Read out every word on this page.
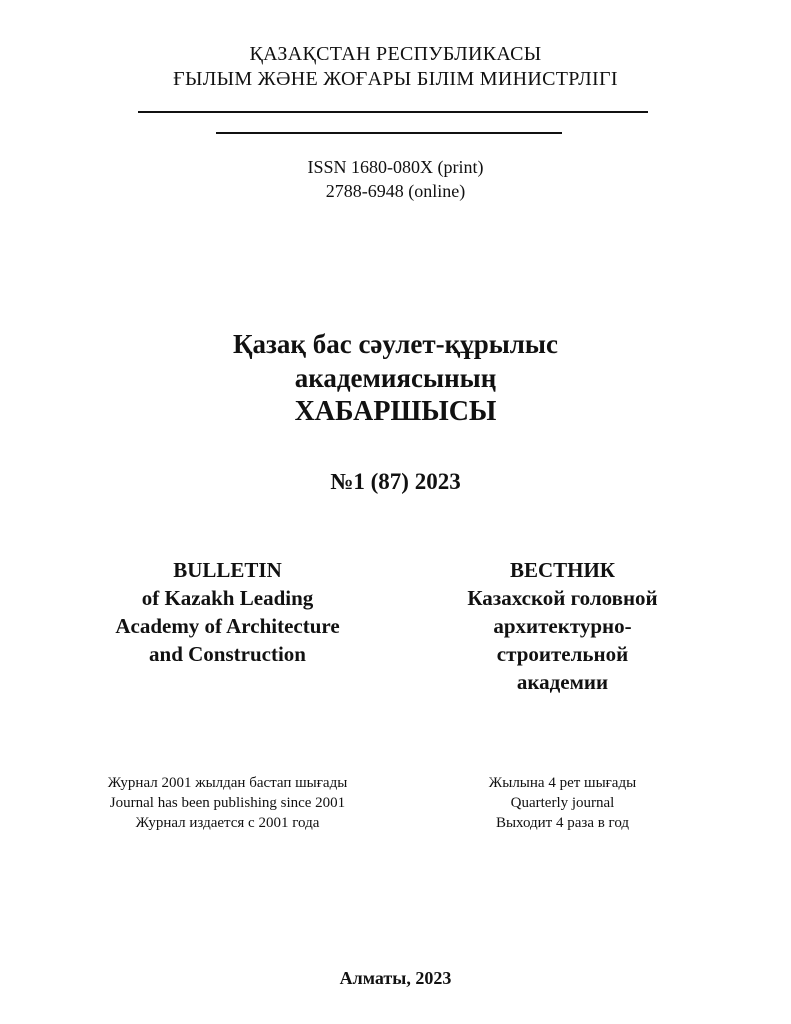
ҚАЗАҚСТАН РЕСПУБЛИКАСЫ
ҒЫЛЫМ ЖӘНЕ ЖОҒАРЫ БІЛІМ МИНИСТРЛІГІ
ISSN 1680-080X (print)
2788-6948 (online)
Қазақ бас сәулет-құрылыс
академиясының
ХАБАРШЫСЫ
№1 (87) 2023
BULLETIN
of Kazakh Leading
Academy of Architecture
and Construction
ВЕСТНИК
Казахской головной
архитектурно-
строительной
академии
Журнал 2001 жылдан бастап шығады
Journal has been publishing since 2001
Журнал издается с 2001 года
Жылына 4 рет шығады
Quarterly journal
Выходит 4 раза в год
Алматы, 2023
